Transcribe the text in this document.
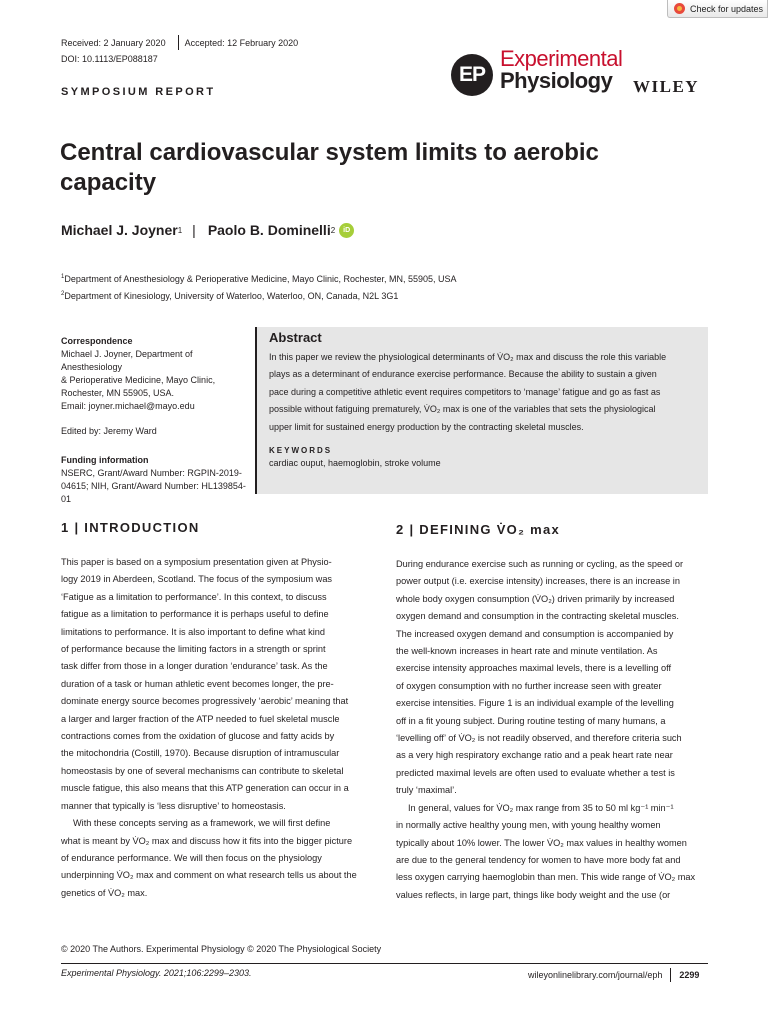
Check for updates
Received: 2 January 2020 Accepted: 12 February 2020
DOI: 10.1113/EP088187
SYMPOSIUM REPORT
EP
Experimental
Physiology WILEY
Central cardiovascular system limits to aerobic
capacity
Michael J. Joyner 1 | Paolo B. Dominelli 2	iD
$^1$Department of Anesthesiology & Perioperative Medicine, Mayo Clinic, Rochester, MN, 55905, USA
$^2$Department of Kinesiology, University of Waterloo, Waterloo, ON, Canada, N2L 3G1

Correspondence

Michael J. Joyner, Department of Anesthesiology

& Perioperative Medicine, Mayo Clinic,

Rochester, MN 55905, USA.

Email: joyner.michael@mayo.edu

Edited by: Jeremy Ward

Funding information

NSERC, Grant/Award Number: RGPIN-2019-

04615; NIH, Grant/Award Number: HL139854-

01

Abstract

In this paper we review the physiological determinants of V̇O₂ max and discuss the role this variable

plays as a determinant of endurance exercise performance. Because the ability to sustain a given

pace during a competitive athletic event requires competitors to ‘manage’ fatigue and go as fast as

possible without fatiguing prematurely, V̇O₂ max is one of the variables that sets the physiological

upper limit for sustained energy production by the contracting skeletal muscles.

KEYWORDS

cardiac ouput, haemoglobin, stroke volume

1 | INTRODUCTION
This paper is based on a symposium presentation given at Physio-
logy 2019 in Aberdeen, Scotland. The focus of the symposium was
‘Fatigue as a limitation to performance’. In this context, to discuss
fatigue as a limitation to performance it is perhaps useful to define
limitations to performance. It is also important to define what kind
of performance because the limiting factors in a strength or sprint
task differ from those in a longer duration ‘endurance’ task. As the
duration of a task or human athletic event becomes longer, the pre-
dominate energy source becomes progressively ‘aerobic’ meaning that
a larger and larger fraction of the ATP needed to fuel skeletal muscle
contractions comes from the oxidation of glucose and fatty acids by
the mitochondria (Costill, 1970). Because disruption of intramuscular
homeostasis by one of several mechanisms can contribute to skeletal
muscle fatigue, this also means that this ATP generation can occur in a
manner that typically is ‘less disruptive’ to homeostasis.
With these concepts serving as a framework, we will first define
what is meant by V̇O₂ max and discuss how it fits into the bigger picture
of endurance performance. We will then focus on the physiology
underpinning V̇O₂ max and comment on what research tells us about the
genetics of V̇O₂ max.
2 | DEFINING V̇O₂ max
During endurance exercise such as running or cycling, as the speed or
power output (i.e. exercise intensity) increases, there is an increase in
whole body oxygen consumption (V̇O₂) driven primarily by increased
oxygen demand and consumption in the contracting skeletal muscles.
The increased oxygen demand and consumption is accompanied by
the well-known increases in heart rate and minute ventilation. As
exercise intensity approaches maximal levels, there is a levelling off
of oxygen consumption with no further increase seen with greater
exercise intensities. Figure 1 is an individual example of the levelling
off in a fit young subject. During routine testing of many humans, a
‘levelling off’ of V̇O₂ is not readily observed, and therefore criteria such
as a very high respiratory exchange ratio and a peak heart rate near
predicted maximal levels are often used to evaluate whether a test is
truly ‘maximal’.
In general, values for V̇O₂ max range from 35 to 50 ml kg⁻¹ min⁻¹
in normally active healthy young men, with young healthy women
typically about 10% lower. The lower V̇O₂ max values in healthy women
are due to the general tendency for women to have more body fat and
less oxygen carrying haemoglobin than men. This wide range of V̇O₂ max
values reflects, in large part, things like body weight and the use (or
© 2020 The Authors. Experimental Physiology © 2020 The Physiological Society
Experimental Physiology. 2021;106:2299–2303.	wileyonlinelibrary.com/journal/eph 2299
